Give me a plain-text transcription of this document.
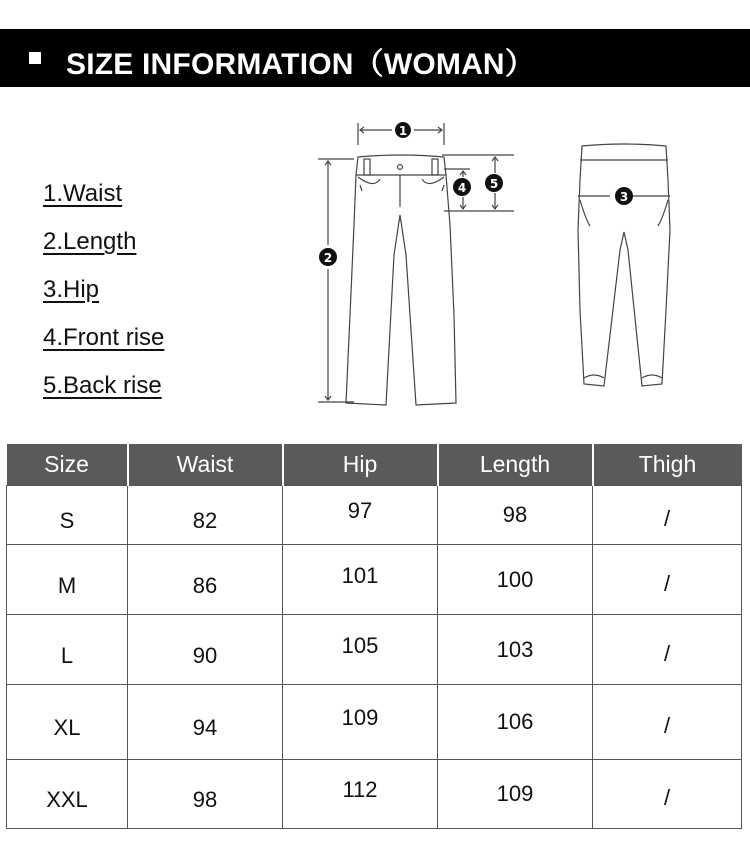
SIZE INFORMATION（WOMAN）
1.Waist
2.Length
3.Hip
4.Front rise
5.Back rise
1
2
4 5
3
Size	Waist	Hip	Length	Thigh
S	82	97	98	/
M	86	101	100	/
L	90	105	103	/
XL	94	109	106	/
XXL	98	112	109	/
